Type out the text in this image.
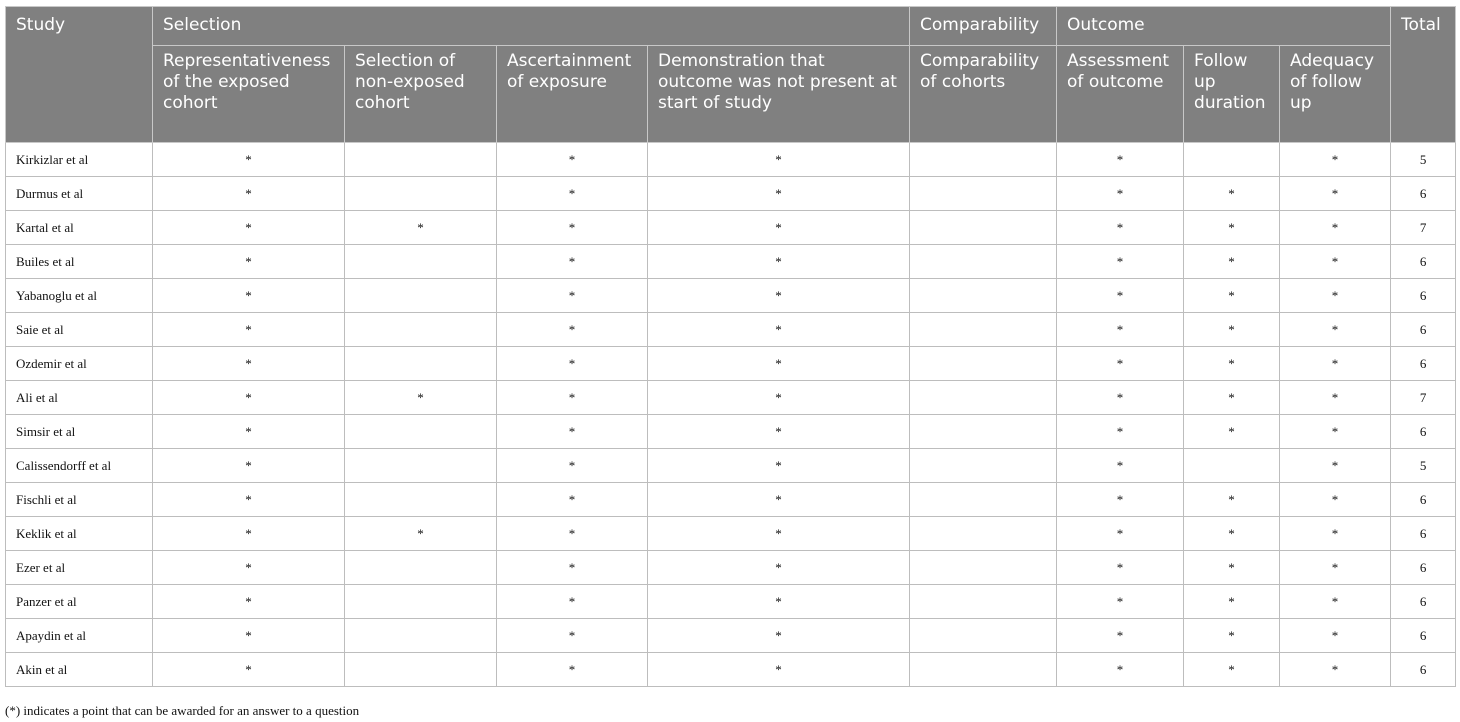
Study	Selection				Comparability	Outcome			Total
	Representativeness of the exposed cohort	Selection of non-exposed cohort	Ascertainment of exposure	Demonstration that outcome was not present at start of study	Comparability of cohorts	Assessment of outcome	Follow up duration	Adequacy of follow up	
Kirkizlar et al	*		*	*		*		*	5
Durmus et al	*		*	*		*	*	*	6
Kartal et al	*	*	*	*		*	*	*	7
Builes et al	*		*	*		*	*	*	6
Yabanoglu et al	*		*	*		*	*	*	6
Saie et al	*		*	*		*	*	*	6
Ozdemir et al	*		*	*		*	*	*	6
Ali et al	*	*	*	*		*	*	*	7
Simsir et al	*		*	*		*	*	*	6
Calissendorff et al	*		*	*		*		*	5
Fischli et al	*		*	*		*	*	*	6
Keklik et al	*	*	*	*		*	*	*	6
Ezer et al	*		*	*		*	*	*	6
Panzer et al	*		*	*		*	*	*	6
Apaydin et al	*		*	*		*	*	*	6
Akin et al	*		*	*		*	*	*	6
(*) indicates a point that can be awarded for an answer to a question
